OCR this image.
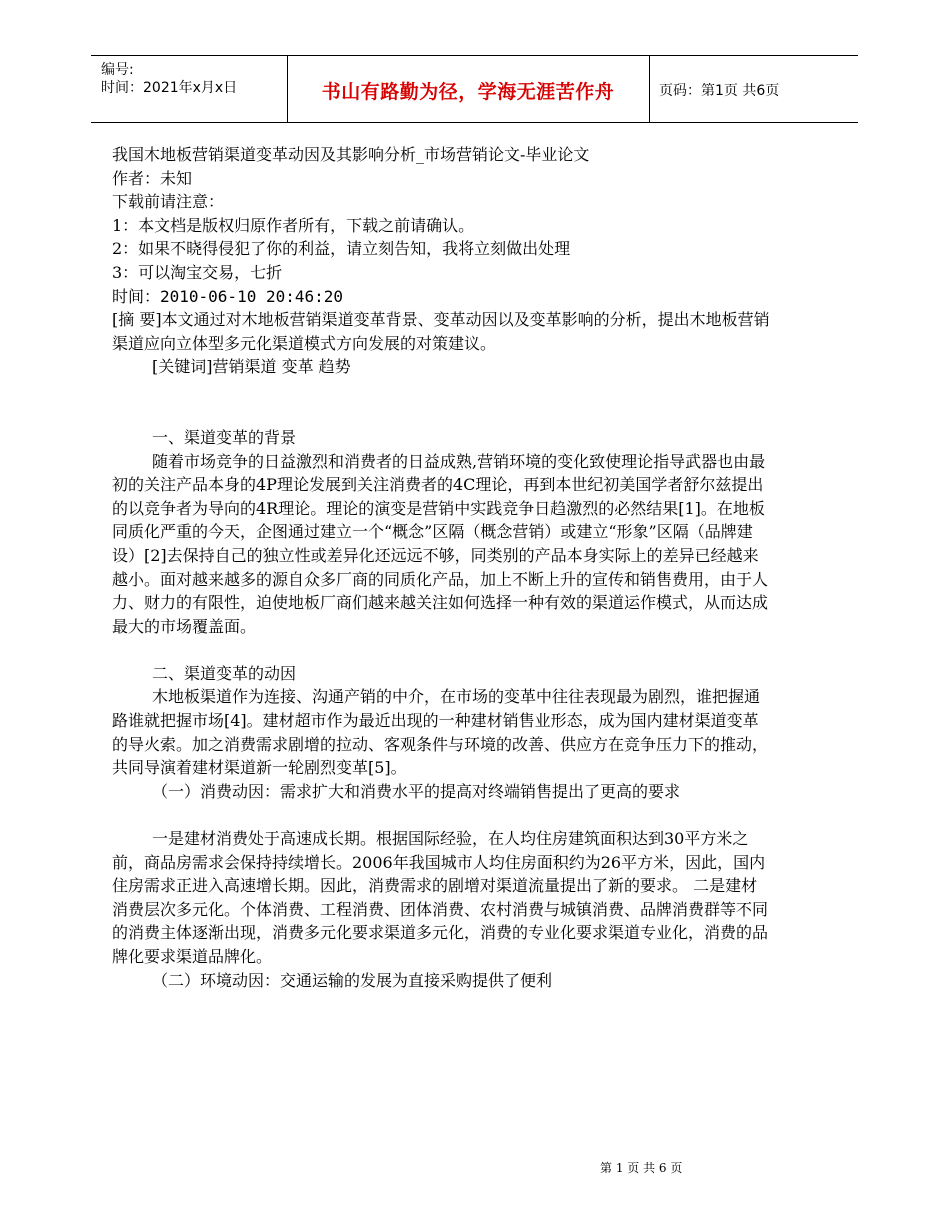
编号:
时间：2021年x月x日	书山有路勤为径，学海无涯苦作舟	页码：第1页 共6页

我国木地板营销渠道变革动因及其影响分析_市场营销论文-毕业论文

作者：未知

下载前请注意：

1：本文档是版权归原作者所有，下载之前请确认。

2：如果不晓得侵犯了你的利益，请立刻告知，我将立刻做出处理

3：可以淘宝交易，七折

时间：2010-06-10 20:46:20

[摘 要]本文通过对木地板营销渠道变革背景、变革动因以及变革影响的分析，提出木地板营销渠道应向立体型多元化渠道模式方向发展的对策建议。

[关键词]营销渠道 变革 趋势

一、渠道变革的背景

随着市场竞争的日益激烈和消费者的日益成熟,营销环境的变化致使理论指导武器也由最初的关注产品本身的4P理论发展到关注消费者的4C理论，再到本世纪初美国学者舒尔兹提出的以竞争者为导向的4R理论。理论的演变是营销中实践竞争日趋激烈的必然结果[1]。在地板同质化严重的今天，企图通过建立一个“概念”区隔（概念营销）或建立“形象”区隔（品牌建设）[2]去保持自己的独立性或差异化还远远不够，同类别的产品本身实际上的差异已经越来越小。面对越来越多的源自众多厂商的同质化产品，加上不断上升的宣传和销售费用，由于人力、财力的有限性，迫使地板厂商们越来越关注如何选择一种有效的渠道运作模式，从而达成最大的市场覆盖面。

二、渠道变革的动因

木地板渠道作为连接、沟通产销的中介，在市场的变革中往往表现最为剧烈，谁把握通路谁就把握市场[4]。建材超市作为最近出现的一种建材销售业形态，成为国内建材渠道变革的导火索。加之消费需求剧增的拉动、客观条件与环境的改善、供应方在竞争压力下的推动，共同导演着建材渠道新一轮剧烈变革[5]。

（一）消费动因：需求扩大和消费水平的提高对终端销售提出了更高的要求

一是建材消费处于高速成长期。根据国际经验，在人均住房建筑面积达到30平方米之前，商品房需求会保持持续增长。2006年我国城市人均住房面积约为26平方米，因此，国内住房需求正进入高速增长期。因此，消费需求的剧增对渠道流量提出了新的要求。 二是建材消费层次多元化。个体消费、工程消费、团体消费、农村消费与城镇消费、品牌消费群等不同的消费主体逐渐出现，消费多元化要求渠道多元化，消费的专业化要求渠道专业化，消费的品牌化要求渠道品牌化。

（二）环境动因：交通运输的发展为直接采购提供了便利

第 1 页 共 6 页
